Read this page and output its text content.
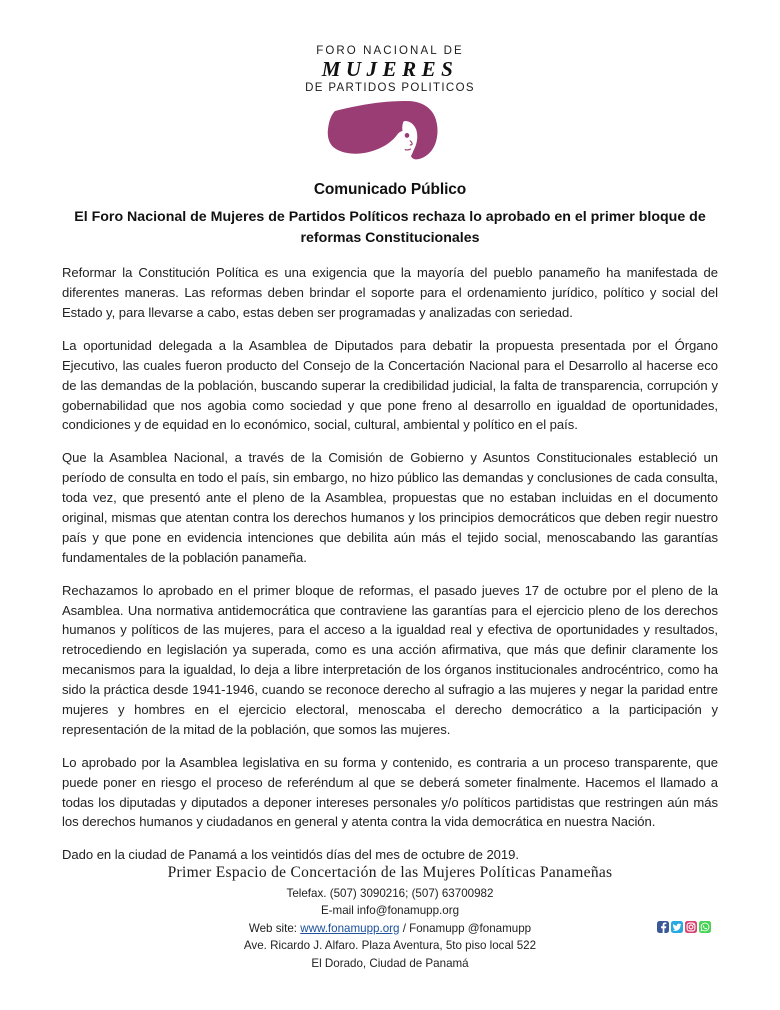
FORO NACIONAL DE
MUJERES
DE PARTIDOS POLITICOS
Comunicado Público
El Foro Nacional de Mujeres de Partidos Políticos rechaza lo aprobado en el primer bloque de reformas Constitucionales

Reformar la Constitución Política es una exigencia que la mayoría del pueblo panameño ha manifestada de diferentes maneras. Las reformas deben brindar el soporte para el ordenamiento jurídico, político y social del Estado y, para llevarse a cabo, estas deben ser programadas y analizadas con seriedad.

La oportunidad delegada a la Asamblea de Diputados para debatir la propuesta presentada por el Órgano Ejecutivo, las cuales fueron producto del Consejo de la Concertación Nacional para el Desarrollo al hacerse eco de las demandas de la población, buscando superar la credibilidad judicial, la falta de transparencia, corrupción y gobernabilidad que nos agobia como sociedad y que pone freno al desarrollo en igualdad de oportunidades, condiciones y de equidad en lo económico, social, cultural, ambiental y político en el país.

Que la Asamblea Nacional, a través de la Comisión de Gobierno y Asuntos Constitucionales estableció un período de consulta en todo el país, sin embargo, no hizo público las demandas y conclusiones de cada consulta, toda vez, que presentó ante el pleno de la Asamblea, propuestas que no estaban incluidas en el documento original, mismas que atentan contra los derechos humanos y los principios democráticos que deben regir nuestro país y que pone en evidencia intenciones que debilita aún más el tejido social, menoscabando las garantías fundamentales de la población panameña.

Rechazamos lo aprobado en el primer bloque de reformas, el pasado jueves 17 de octubre por el pleno de la Asamblea. Una normativa antidemocrática que contraviene las garantías para el ejercicio pleno de los derechos humanos y políticos de las mujeres, para el acceso a la igualdad real y efectiva de oportunidades y resultados, retrocediendo en legislación ya superada, como es una acción afirmativa, que más que definir claramente los mecanismos para la igualdad, lo deja a libre interpretación de los órganos institucionales androcéntrico, como ha sido la práctica desde 1941-1946, cuando se reconoce derecho al sufragio a las mujeres y negar la paridad entre mujeres y hombres en el ejercicio electoral, menoscaba el derecho democrático a la participación y representación de la mitad de la población, que somos las mujeres.

Lo aprobado por la Asamblea legislativa en su forma y contenido, es contraria a un proceso transparente, que puede poner en riesgo el proceso de referéndum al que se deberá someter finalmente. Hacemos el llamado a todas los diputadas y diputados a deponer intereses personales y/o políticos partidistas que restringen aún más los derechos humanos y ciudadanos en general y atenta contra la vida democrática en nuestra Nación.

Dado en la ciudad de Panamá a los veintidós días del mes de octubre de 2019.

Primer Espacio de Concertación de las Mujeres Políticas Panameñas
Telefax. (507) 3090216; (507) 63700982
E-mail info@fonamupp.org
Web site: www.fonamupp.org / Fonamupp @fonamupp
Ave. Ricardo J. Alfaro. Plaza Aventura, 5to piso local 522
El Dorado, Ciudad de Panamá
